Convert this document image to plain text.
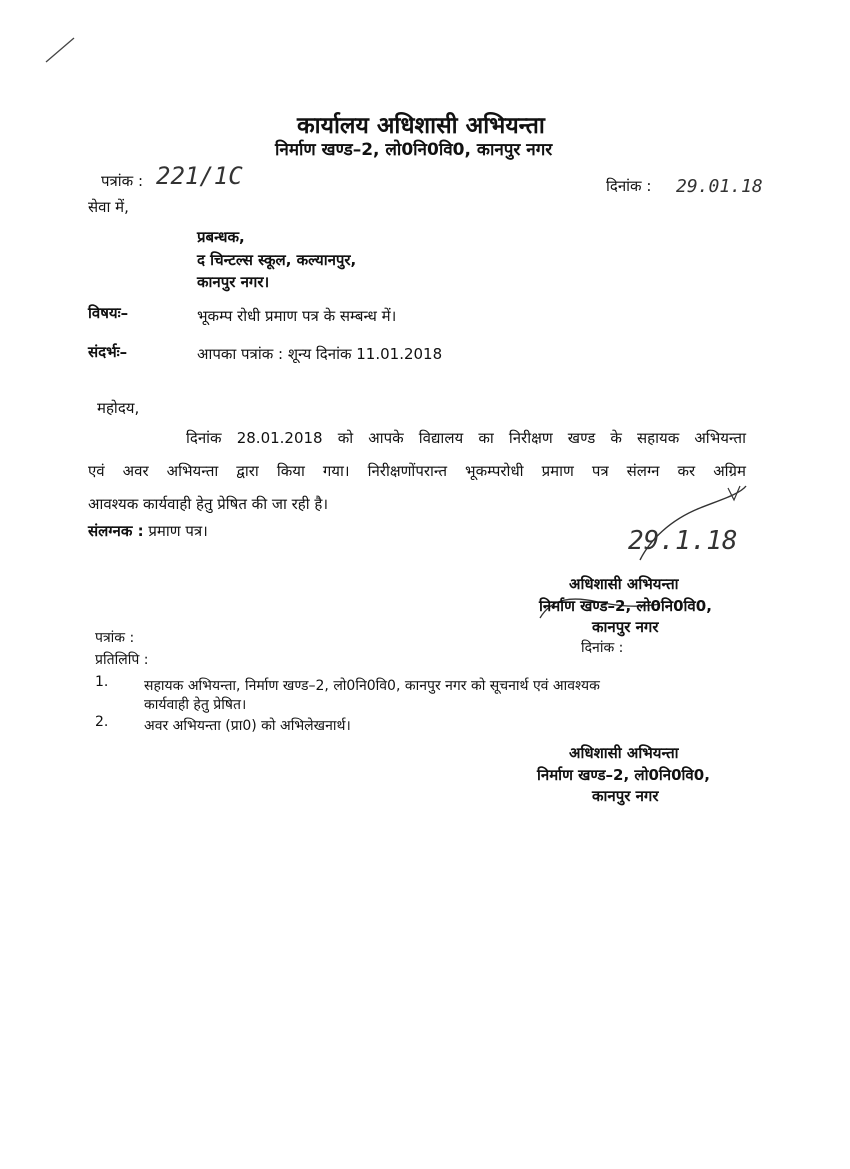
कार्यालय अधिशासी अभियन्ता
निर्माण खण्ड–2, लो0नि0वि0, कानपुर नगर
पत्रांक : 221/1C	दिनांक : 29.01.18
सेवा में,
प्रबन्धक,
द चिन्टल्स स्कूल, कल्यानपुर,
कानपुर नगर।
विषयः–	भूकम्प रोधी प्रमाण पत्र के सम्बन्ध में।
संदर्भः–	आपका पत्रांक : शून्य दिनांक 11.01.2018
महोदय,
दिनांक 28.01.2018 को आपके विद्यालय का निरीक्षण खण्ड के सहायक अभियन्ता
एवं अवर अभियन्ता द्वारा किया गया। निरीक्षणोंपरान्त भूकम्परोधी प्रमाण पत्र संलग्न कर अग्रिम
आवश्यक कार्यवाही हेतु प्रेषित की जा रही है।
संलग्नक : प्रमाण पत्र।	29.1.18
अधिशासी अभियन्ता
निर्माण खण्ड–2, लो0नि0वि0,
कानपुर नगर
पत्रांक :
दिनांक :
प्रतिलिपि :
1.	सहायक अभियन्ता, निर्माण खण्ड–2, लो0नि0वि0, कानपुर नगर को सूचनार्थ एवं आवश्यक
कार्यवाही हेतु प्रेषित।
2.	अवर अभियन्ता (प्रा0) को अभिलेखनार्थ।
अधिशासी अभियन्ता
निर्माण खण्ड–2, लो0नि0वि0,
कानपुर नगर
